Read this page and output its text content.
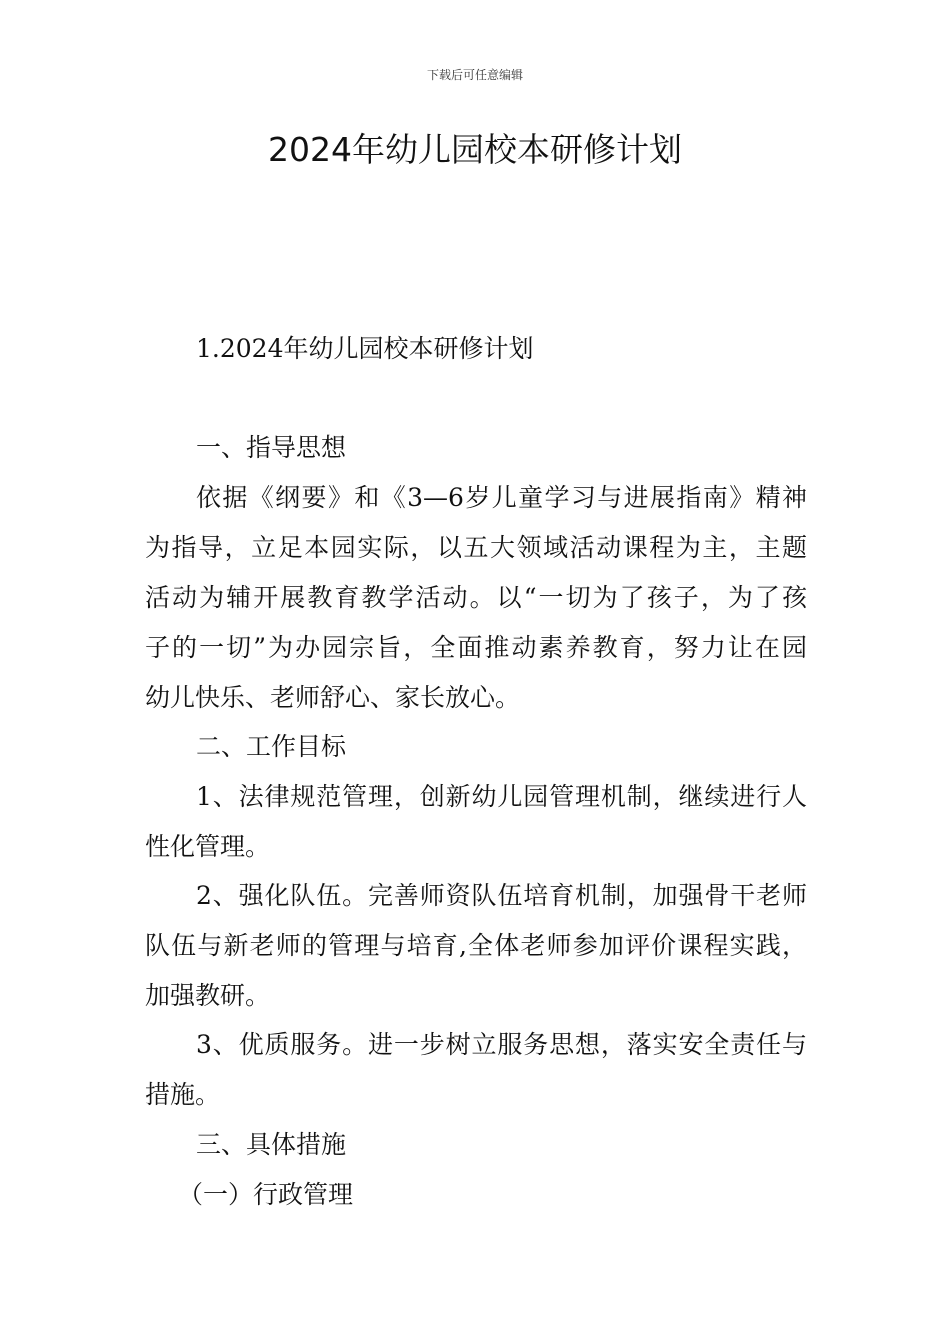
下载后可任意编辑
2024年幼儿园校本研修计划

1.2024年幼儿园校本研修计划

一、指导思想

依据《纲要》和《3—6岁儿童学习与进展指南》精神
为指导，立足本园实际，以五大领域活动课程为主，主题
活动为辅开展教育教学活动。以“一切为了孩子，为了孩
子的一切”为办园宗旨，全面推动素养教育，努力让在园
幼儿快乐、老师舒心、家长放心。

二、工作目标

1、法律规范管理，创新幼儿园管理机制，继续进行人
性化管理。
2、强化队伍。完善师资队伍培育机制，加强骨干老师
队伍与新老师的管理与培育,全体老师参加评价课程实践，
加强教研。
3、优质服务。进一步树立服务思想，落实安全责任与
措施。

三、具体措施

（一）行政管理
